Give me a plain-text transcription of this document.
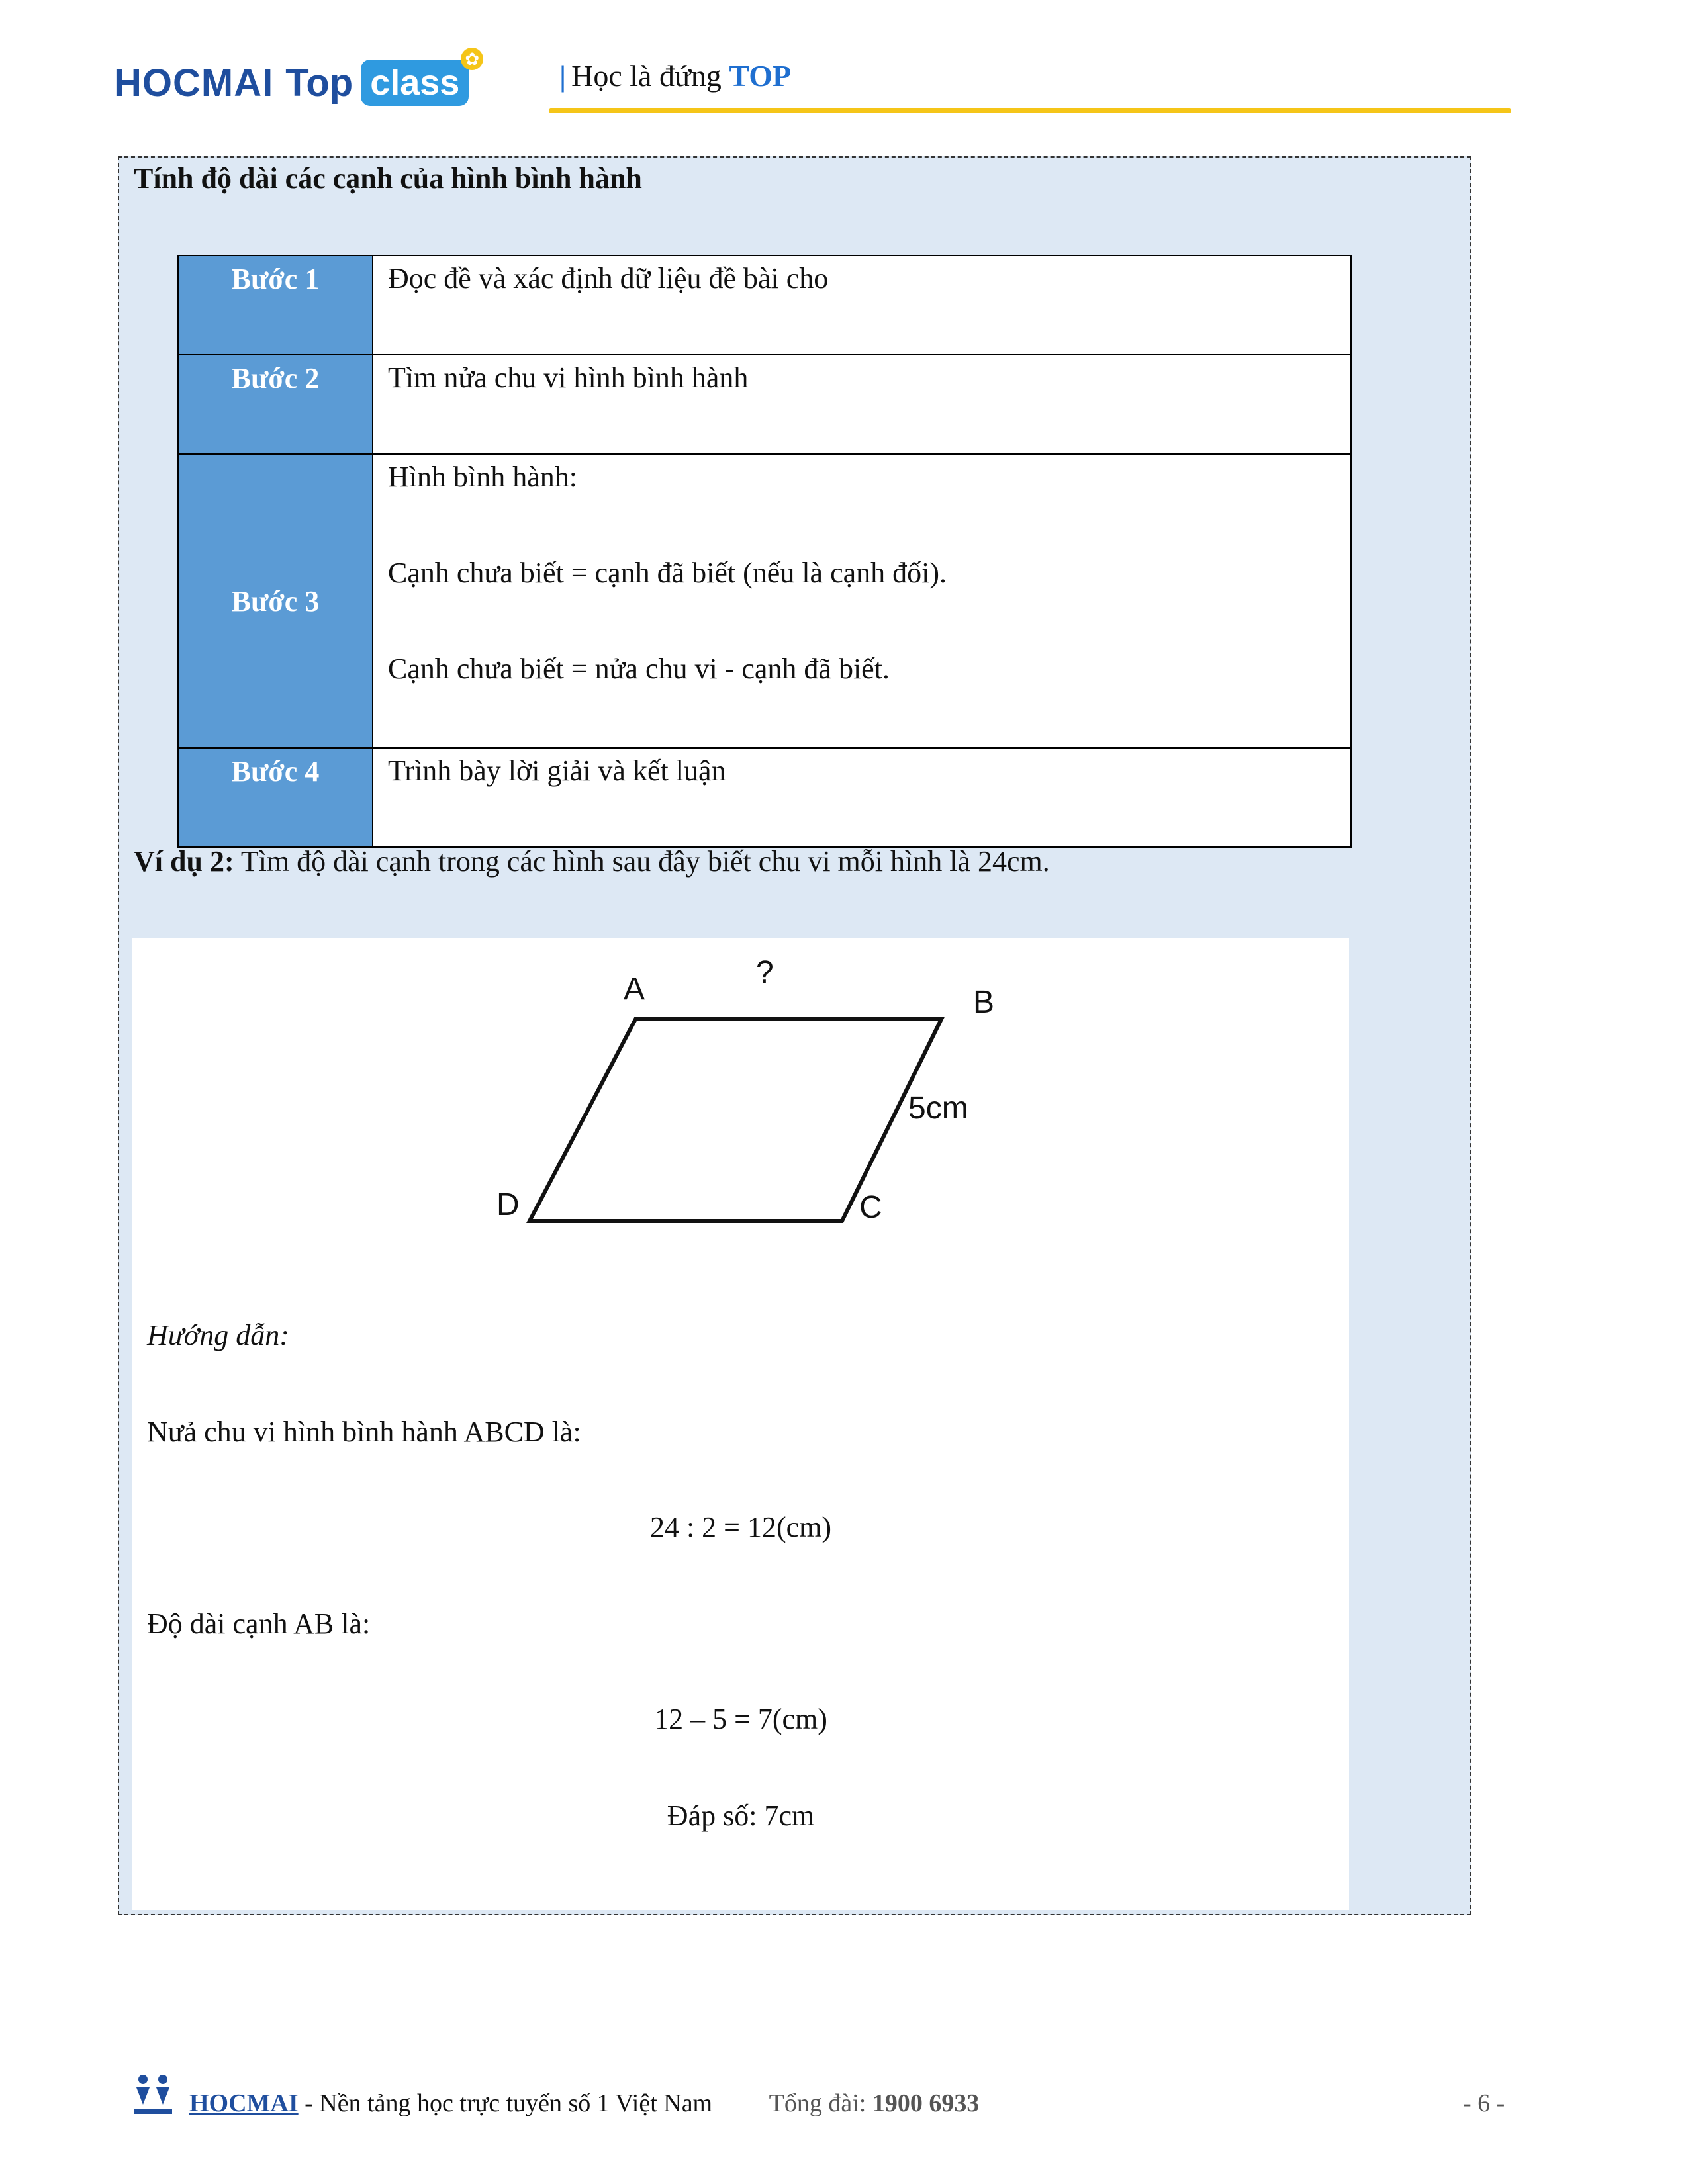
HOCMAI Top class
✿	| Học là đứng TOP
Tính độ dài các cạnh của hình bình hành
Bước 1	Đọc đề và xác định dữ liệu đề bài cho

Bước 2	Tìm nửa chu vi hình bình hành

Bước 3	Hình bình hành:

Cạnh chưa biết = cạnh đã biết (nếu là cạnh đối).

Cạnh chưa biết = nửa chu vi - cạnh đã biết.

Bước 4	Trình bày lời giải và kết luận

Ví dụ 2: Tìm độ dài cạnh trong các hình sau đây biết chu vi mỗi hình là 24cm.
A	B
C
D
?
5cm
Hướng dẫn:
Nưả chu vi hình bình hành ABCD là:
24 : 2 = 12(cm)
Độ dài cạnh AB là:
12 – 5 = 7(cm)
Đáp số: 7cm
HOCMAI - Nền tảng học trực tuyến số 1 Việt Nam Tổng đài: 1900 6933	- 6 -
